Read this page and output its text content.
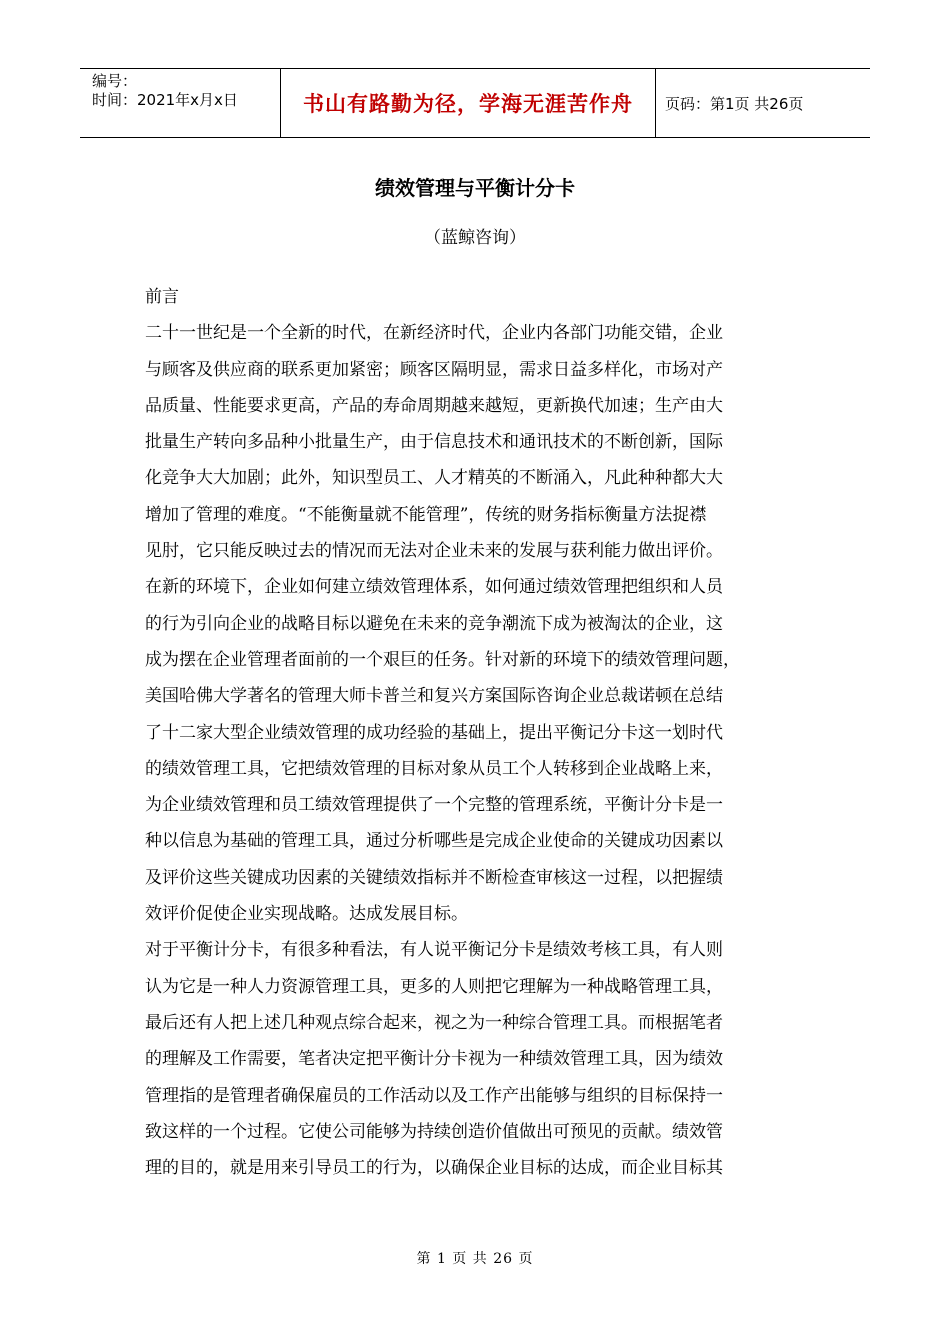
编号：
时间：2021年x月x日	书山有路勤为径，学海无涯苦作舟	页码：第1页 共26页
绩效管理与平衡计分卡
（蓝鲸咨询）
前言
二十一世纪是一个全新的时代，在新经济时代，企业内各部门功能交错，企业
与顾客及供应商的联系更加紧密；顾客区隔明显，需求日益多样化，市场对产
品质量、性能要求更高，产品的寿命周期越来越短，更新换代加速；生产由大
批量生产转向多品种小批量生产，由于信息技术和通讯技术的不断创新，国际
化竞争大大加剧；此外，知识型员工、人才精英的不断涌入，凡此种种都大大
增加了管理的难度。“不能衡量就不能管理”，传统的财务指标衡量方法捉襟
见肘，它只能反映过去的情况而无法对企业未来的发展与获利能力做出评价。
在新的环境下，企业如何建立绩效管理体系，如何通过绩效管理把组织和人员
的行为引向企业的战略目标以避免在未来的竞争潮流下成为被淘汰的企业，这
成为摆在企业管理者面前的一个艰巨的任务。针对新的环境下的绩效管理问题，
美国哈佛大学著名的管理大师卡普兰和复兴方案国际咨询企业总裁诺顿在总结
了十二家大型企业绩效管理的成功经验的基础上，提出平衡记分卡这一划时代
的绩效管理工具，它把绩效管理的目标对象从员工个人转移到企业战略上来，
为企业绩效管理和员工绩效管理提供了一个完整的管理系统，平衡计分卡是一
种以信息为基础的管理工具，通过分析哪些是完成企业使命的关键成功因素以
及评价这些关键成功因素的关键绩效指标并不断检查审核这一过程，以把握绩
效评价促使企业实现战略。达成发展目标。
对于平衡计分卡，有很多种看法，有人说平衡记分卡是绩效考核工具，有人则
认为它是一种人力资源管理工具，更多的人则把它理解为一种战略管理工具，
最后还有人把上述几种观点综合起来，视之为一种综合管理工具。而根据笔者
的理解及工作需要，笔者决定把平衡计分卡视为一种绩效管理工具，因为绩效
管理指的是管理者确保雇员的工作活动以及工作产出能够与组织的目标保持一
致这样的一个过程。它使公司能够为持续创造价值做出可预见的贡献。绩效管
理的目的，就是用来引导员工的行为，以确保企业目标的达成，而企业目标其
第 1 页 共 26 页
